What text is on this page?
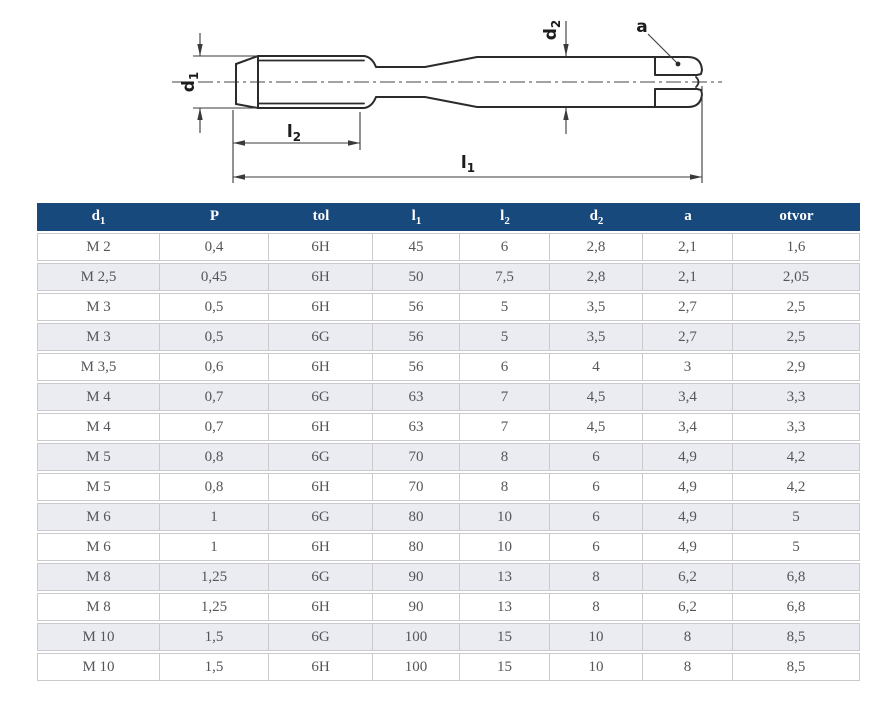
$d_1$
$l_2$
$l_1$
$d_2$	a
$d_1$	P	tol	$l_1$	$l_2$	$d_2$	a	otvor
M 2	0,4	6H	45	6	2,8	2,1	1,6
M 2,5	0,45	6H	50	7,5	2,8	2,1	2,05
M 3	0,5	6H	56	5	3,5	2,7	2,5
M 3	0,5	6G	56	5	3,5	2,7	2,5
M 3,5	0,6	6H	56	6	4	3	2,9
M 4	0,7	6G	63	7	4,5	3,4	3,3
M 4	0,7	6H	63	7	4,5	3,4	3,3
M 5	0,8	6G	70	8	6	4,9	4,2
M 5	0,8	6H	70	8	6	4,9	4,2
M 6	1	6G	80	10	6	4,9	5
M 6	1	6H	80	10	6	4,9	5
M 8	1,25	6G	90	13	8	6,2	6,8
M 8	1,25	6H	90	13	8	6,2	6,8
M 10	1,5	6G	100	15	10	8	8,5
M 10	1,5	6H	100	15	10	8	8,5
